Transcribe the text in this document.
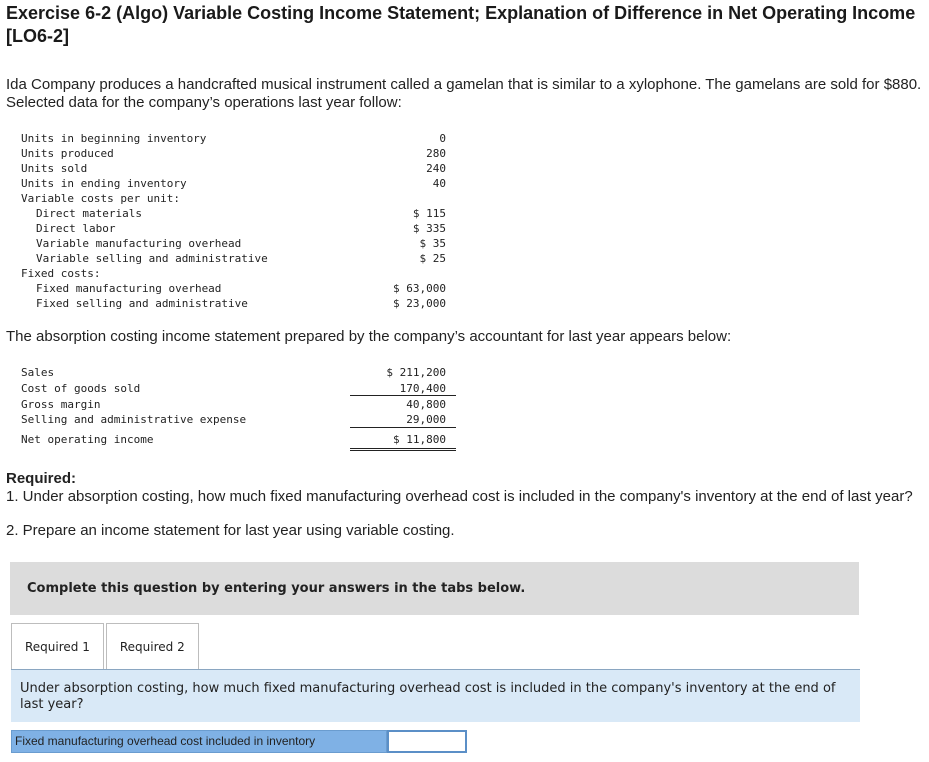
Exercise 6-2 (Algo) Variable Costing Income Statement; Explanation of Difference in Net Operating Income [LO6-2]
Ida Company produces a handcrafted musical instrument called a gamelan that is similar to a xylophone. The gamelans are sold for $880. Selected data for the company’s operations last year follow:
Units in beginning inventory	0
Units produced	280
Units sold	240
Units in ending inventory	40
Variable costs per unit:
Direct materials	$ 115
Direct labor	$ 335
Variable manufacturing overhead	$ 35
Variable selling and administrative	$ 25
Fixed costs:
Fixed manufacturing overhead	$ 63,000
Fixed selling and administrative	$ 23,000
The absorption costing income statement prepared by the company’s accountant for last year appears below:
Sales	$ 211,200
Cost of goods sold	170,400
Gross margin	40,800
Selling and administrative expense	29,000
Net operating income	$ 11,800
Required:
1. Under absorption costing, how much fixed manufacturing overhead cost is included in the company's inventory at the end of last year?
2. Prepare an income statement for last year using variable costing.
Complete this question by entering your answers in the tabs below.
Required 1	Required 2
Under absorption costing, how much fixed manufacturing overhead cost is included in the company's inventory at the end of last year?
Fixed manufacturing overhead cost included in inventory
